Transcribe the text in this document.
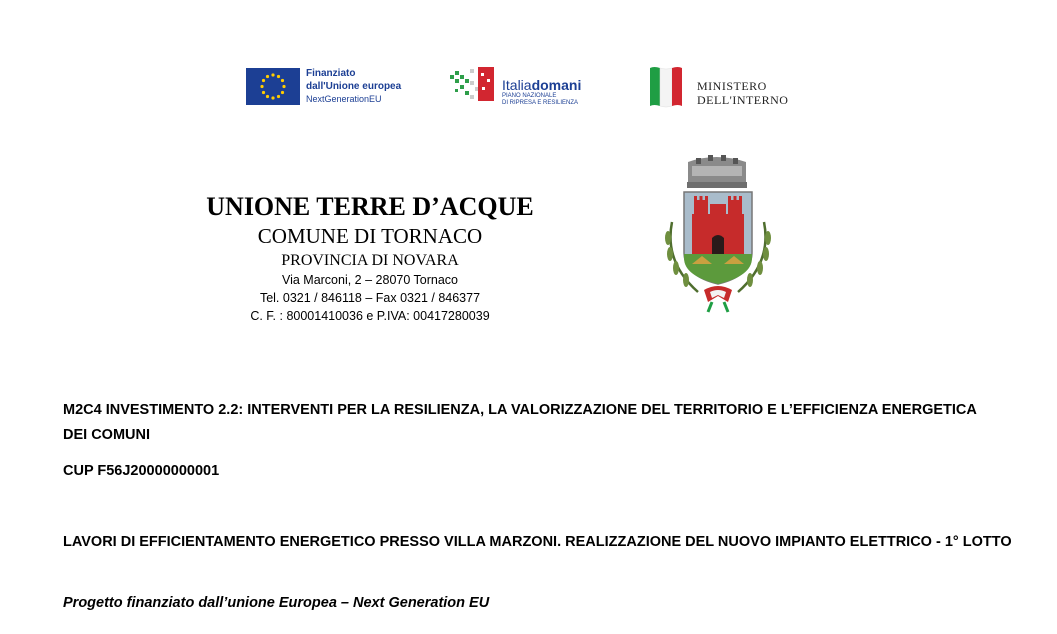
Finanziato
dall'Unione europea
NextGenerationEU
Italiadomani
PIANO NAZIONALE
DI RIPRESA E RESILIENZA
MINISTERO
DELL'INTERNO
UNIONE TERRE D’ACQUE
COMUNE DI TORNACO
PROVINCIA DI NOVARA
Via Marconi, 2 – 28070 Tornaco
Tel. 0321 / 846118 – Fax 0321 / 846377
C. F. : 80001410036 e P.IVA: 00417280039
M2C4 INVESTIMENTO 2.2: INTERVENTI PER LA RESILIENZA, LA VALORIZZAZIONE DEL TERRITORIO E L’EFFICIENZA ENERGETICA DEI COMUNI
CUP F56J20000000001
LAVORI DI EFFICIENTAMENTO ENERGETICO PRESSO VILLA MARZONI. REALIZZAZIONE DEL NUOVO IMPIANTO ELETTRICO - 1° LOTTO
Progetto finanziato dall’unione Europea – Next Generation EU
